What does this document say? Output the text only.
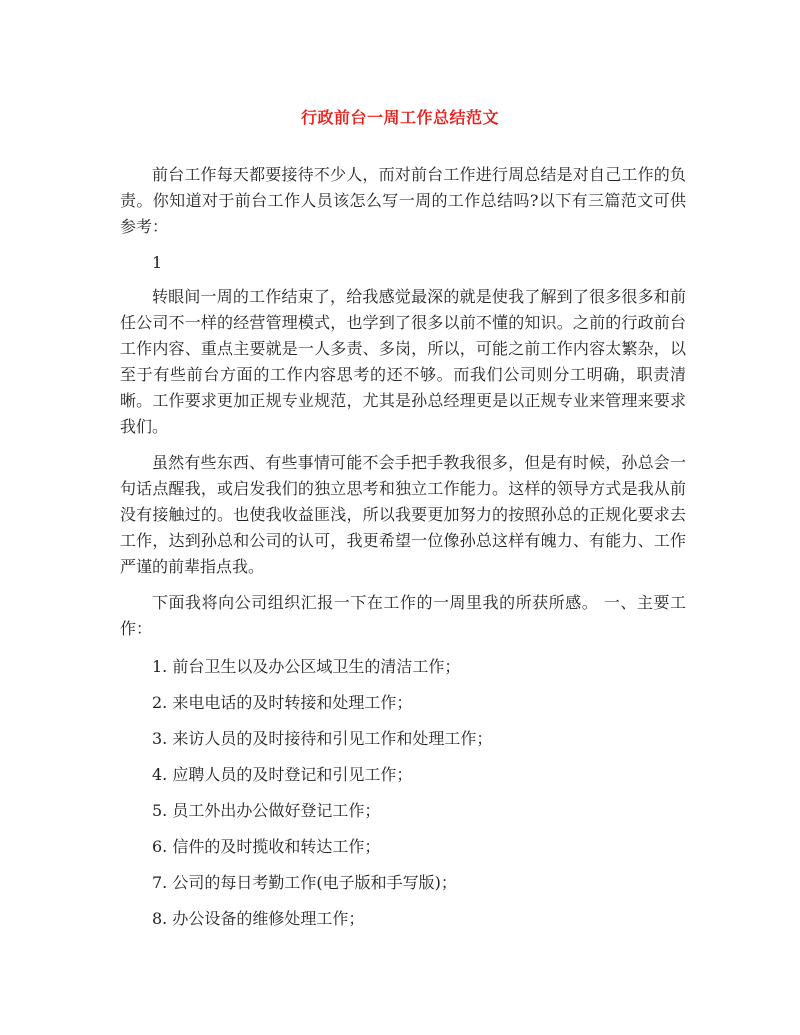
行政前台一周工作总结范文

前台工作每天都要接待不少人，而对前台工作进行周总结是对自己工作的负责。你知道对于前台工作人员该怎么写一周的工作总结吗?以下有三篇范文可供参考：

1

转眼间一周的工作结束了，给我感觉最深的就是使我了解到了很多很多和前任公司不一样的经营管理模式，也学到了很多以前不懂的知识。之前的行政前台工作内容、重点主要就是一人多责、多岗，所以，可能之前工作内容太繁杂，以至于有些前台方面的工作内容思考的还不够。而我们公司则分工明确，职责清晰。工作要求更加正规专业规范，尤其是孙总经理更是以正规专业来管理来要求我们。

虽然有些东西、有些事情可能不会手把手教我很多，但是有时候，孙总会一句话点醒我，或启发我们的独立思考和独立工作能力。这样的领导方式是我从前没有接触过的。也使我收益匪浅，所以我要更加努力的按照孙总的正规化要求去工作，达到孙总和公司的认可，我更希望一位像孙总这样有魄力、有能力、工作严谨的前辈指点我。

下面我将向公司组织汇报一下在工作的一周里我的所获所感。 一、主要工作：

1. 前台卫生以及办公区域卫生的清洁工作；
2. 来电电话的及时转接和处理工作；
3. 来访人员的及时接待和引见工作和处理工作；
4. 应聘人员的及时登记和引见工作；
5. 员工外出办公做好登记工作；
6. 信件的及时揽收和转达工作；
7. 公司的每日考勤工作(电子版和手写版)；
8. 办公设备的维修处理工作；
